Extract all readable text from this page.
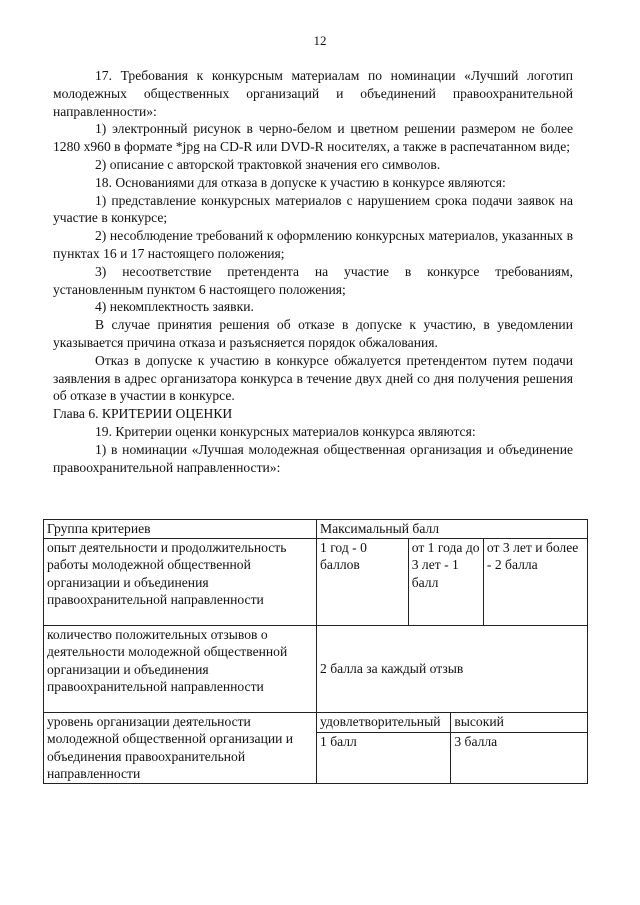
12

17. Требования к конкурсным материалам по номинации «Лучший логотип молодежных общественных организаций и объединений правоохранительной направленности»:

1) электронный рисунок в черно-белом и цветном решении размером не более 1280 х960 в формате *jpg на CD-R или DVD-R носителях, а также в распечатанном виде;

2) описание с авторской трактовкой значения его символов.

18. Основаниями для отказа в допуске к участию в конкурсе являются:

1) представление конкурсных материалов с нарушением срока подачи заявок на участие в конкурсе;

2) несоблюдение требований к оформлению конкурсных материалов, указанных в пунктах 16 и 17 настоящего положения;

3) несоответствие претендента на участие в конкурсе требованиям, установленным пунктом 6 настоящего положения;

4) некомплектность заявки.

В случае принятия решения об отказе в допуске к участию, в уведомлении указывается причина отказа и разъясняется порядок обжалования.

Отказ в допуске к участию в конкурсе обжалуется претендентом путем подачи заявления в адрес организатора конкурса в течение двух дней со дня получения решения об отказе в участии в конкурсе.

Глава 6. КРИТЕРИИ ОЦЕНКИ

19. Критерии оценки конкурсных материалов конкурса являются:

1) в номинации «Лучшая молодежная общественная организация и объединение правоохранительной направленности»:

Группа критериев	Максимальный балл			
опыт деятельности и продолжительность работы молодежной общественной организации и объединения правоохранительной направленности	1 год - 0 баллов	от 1 года до 3 лет - 1 балл		от 3 лет и более - 2 балла
количество положительных отзывов о деятельности молодежной общественной организации и объединения правоохранительной направленности	2 балла за каждый отзыв			
уровень организации деятельности молодежной общественной организации и объединения правоохранительной направленности	удовлетворительный		высокий	
	1 балл		3 балла	
